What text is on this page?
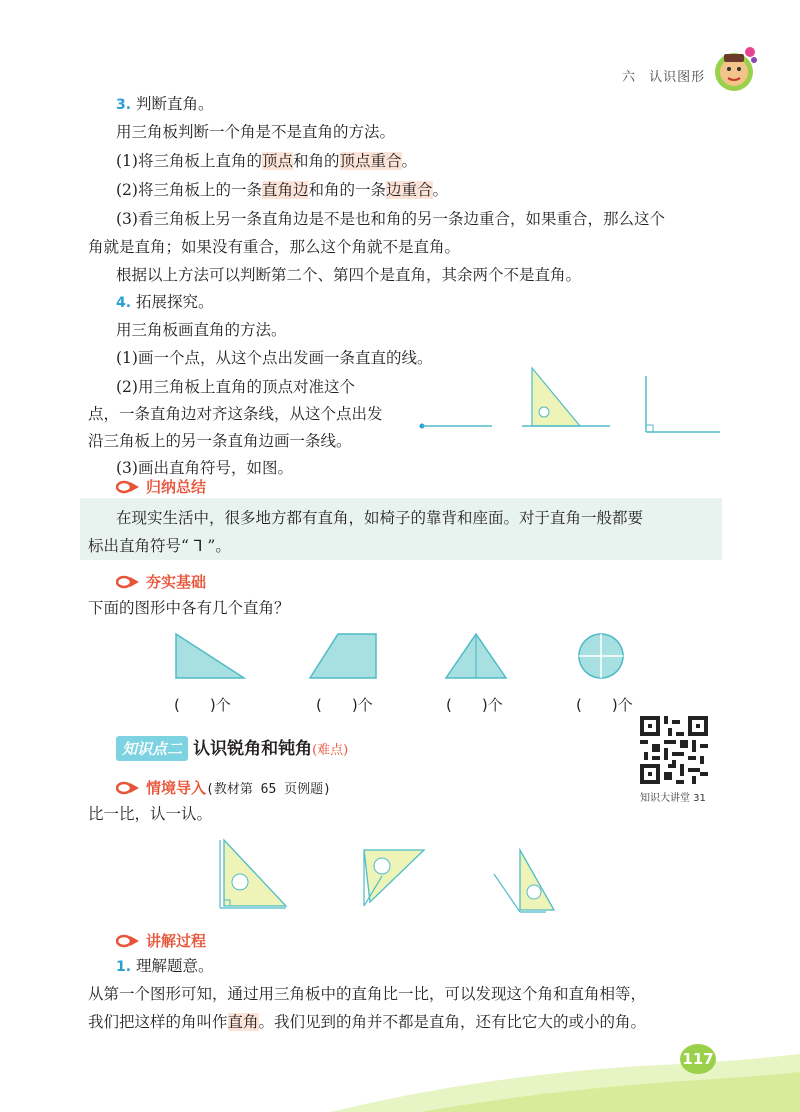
六 认识图形
3. 判断直角。
用三角板判断一个角是不是直角的方法。
(1)将三角板上直角的顶点和角的顶点重合。
(2)将三角板上的一条直角边和角的一条边重合。
(3)看三角板上另一条直角边是不是也和角的另一条边重合，如果重合，那么这个
角就是直角；如果没有重合，那么这个角就不是直角。
根据以上方法可以判断第二个、第四个是直角，其余两个不是直角。
4. 拓展探究。
用三角板画直角的方法。
(1)画一个点，从这个点出发画一条直直的线。
(2)用三角板上直角的顶点对准这个
点，一条直角边对齐这条线，从这个点出发
沿三角板上的另一条直角边画一条线。
(3)画出直角符号，如图。
归纳总结
在现实生活中，很多地方都有直角，如椅子的靠背和座面。对于直角一般都要
标出直角符号“ ⅂ ”。
夯实基础
下面的图形中各有几个直角？
(　　)个	(　　)个	(　　)个	(　　)个
知识点二 认识锐角和钝角(难点)
知识大讲堂 31
情境导入(教材第 65 页例题)
比一比，认一认。
讲解过程
1. 理解题意。
从第一个图形可知，通过用三角板中的直角比一比，可以发现这个角和直角相等，
我们把这样的角叫作直角。我们见到的角并不都是直角，还有比它大的或小的角。
117
